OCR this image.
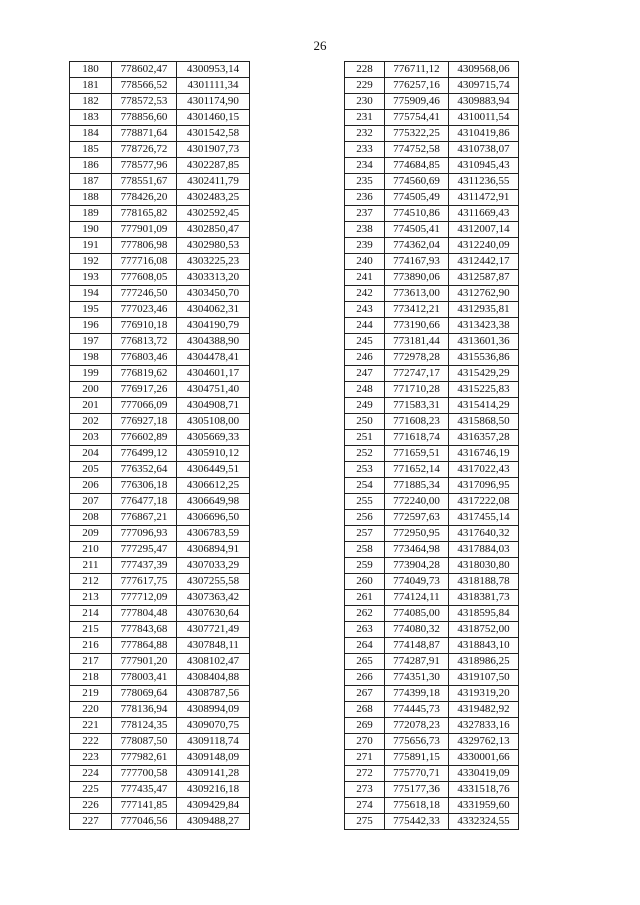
26
180	778602,47	4300953,14
181	778566,52	4301111,34
182	778572,53	4301174,90
183	778856,60	4301460,15
184	778871,64	4301542,58
185	778726,72	4301907,73
186	778577,96	4302287,85
187	778551,67	4302411,79
188	778426,20	4302483,25
189	778165,82	4302592,45
190	777901,09	4302850,47
191	777806,98	4302980,53
192	777716,08	4303225,23
193	777608,05	4303313,20
194	777246,50	4303450,70
195	777023,46	4304062,31
196	776910,18	4304190,79
197	776813,72	4304388,90
198	776803,46	4304478,41
199	776819,62	4304601,17
200	776917,26	4304751,40
201	777066,09	4304908,71
202	776927,18	4305108,00
203	776602,89	4305669,33
204	776499,12	4305910,12
205	776352,64	4306449,51
206	776306,18	4306612,25
207	776477,18	4306649,98
208	776867,21	4306696,50
209	777096,93	4306783,59
210	777295,47	4306894,91
211	777437,39	4307033,29
212	777617,75	4307255,58
213	777712,09	4307363,42
214	777804,48	4307630,64
215	777843,68	4307721,49
216	777864,88	4307848,11
217	777901,20	4308102,47
218	778003,41	4308404,88
219	778069,64	4308787,56
220	778136,94	4308994,09
221	778124,35	4309070,75
222	778087,50	4309118,74
223	777982,61	4309148,09
224	777700,58	4309141,28
225	777435,47	4309216,18
226	777141,85	4309429,84
227	777046,56	4309488,27
228	776711,12	4309568,06
229	776257,16	4309715,74
230	775909,46	4309883,94
231	775754,41	4310011,54
232	775322,25	4310419,86
233	774752,58	4310738,07
234	774684,85	4310945,43
235	774560,69	4311236,55
236	774505,49	4311472,91
237	774510,86	4311669,43
238	774505,41	4312007,14
239	774362,04	4312240,09
240	774167,93	4312442,17
241	773890,06	4312587,87
242	773613,00	4312762,90
243	773412,21	4312935,81
244	773190,66	4313423,38
245	773181,44	4313601,36
246	772978,28	4315536,86
247	772747,17	4315429,29
248	771710,28	4315225,83
249	771583,31	4315414,29
250	771608,23	4315868,50
251	771618,74	4316357,28
252	771659,51	4316746,19
253	771652,14	4317022,43
254	771885,34	4317096,95
255	772240,00	4317222,08
256	772597,63	4317455,14
257	772950,95	4317640,32
258	773464,98	4317884,03
259	773904,28	4318030,80
260	774049,73	4318188,78
261	774124,11	4318381,73
262	774085,00	4318595,84
263	774080,32	4318752,00
264	774148,87	4318843,10
265	774287,91	4318986,25
266	774351,30	4319107,50
267	774399,18	4319319,20
268	774445,73	4319482,92
269	772078,23	4327833,16
270	775656,73	4329762,13
271	775891,15	4330001,66
272	775770,71	4330419,09
273	775177,36	4331518,76
274	775618,18	4331959,60
275	775442,33	4332324,55
